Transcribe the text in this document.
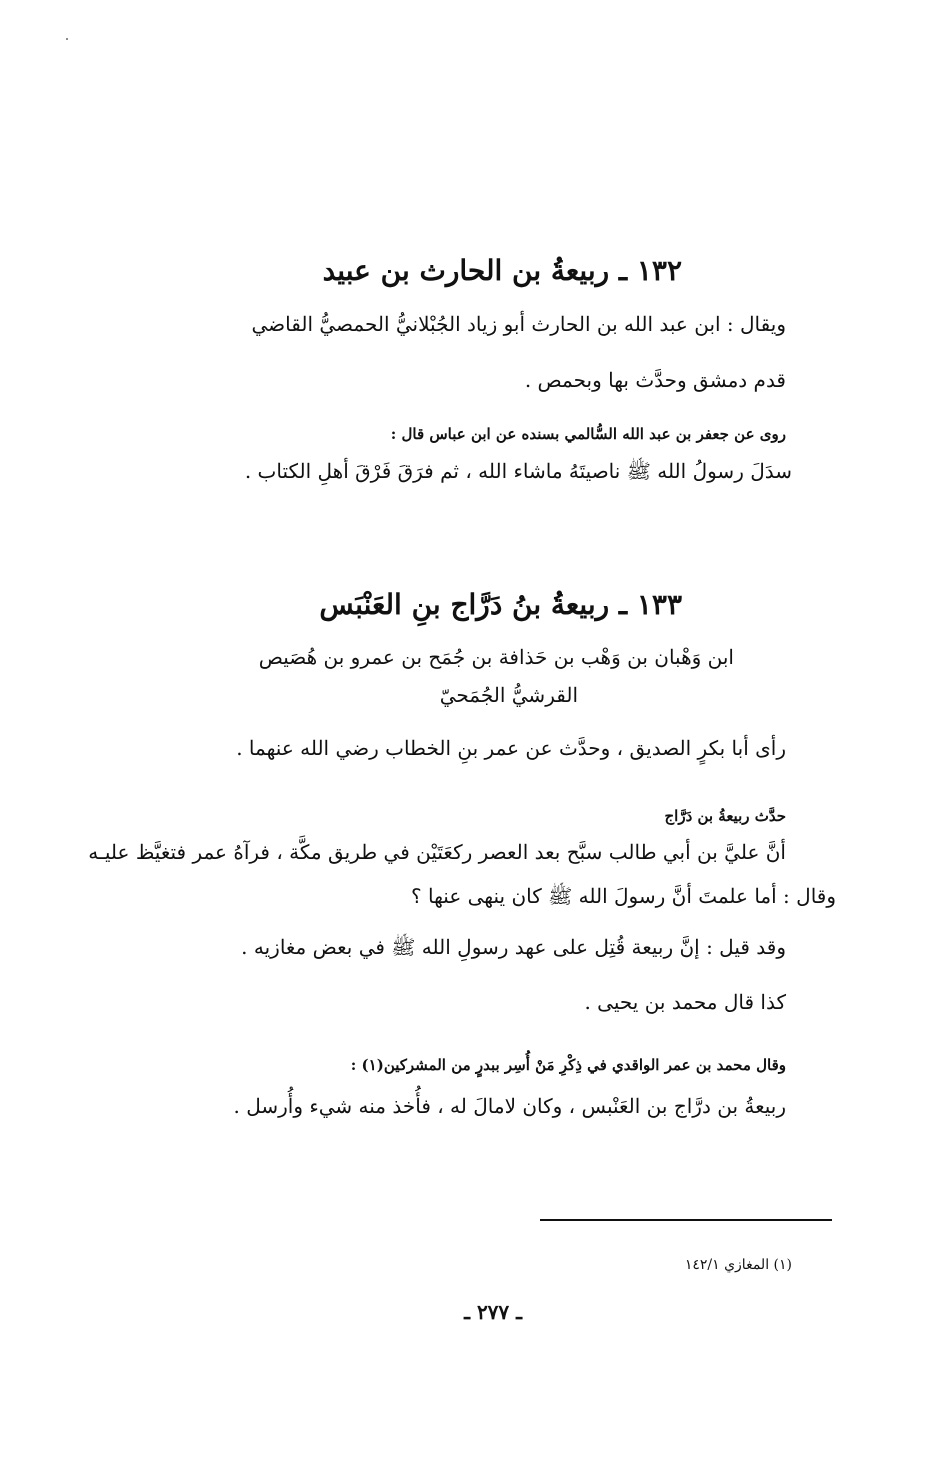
١٣٢ ـ ربيعةُ بن الحارث بن عبيد
ويقال : ابن عبد الله بن الحارث أبو زياد الجُبْلانيُّ الحمصيُّ القاضي
قدم دمشق وحدَّث بها وبحمص .
روى عن جعفر بن عبد الله السُّالمي بسنده عن ابن عباس قال :
سدَلَ رسولُ الله ﷺ ناصيتَهُ ماشاء الله ، ثم فرَقَ فَرْقَ أهلِ الكتاب .
١٣٣ ـ ربيعةُ بنُ دَرَّاج بنِ العَنْبَس
ابن وَهْبان بن وَهْب بن حَذافة بن جُمَح بن عمرو بن هُصَيص
القرشيُّ الجُمَحيّ
رأى أبا بكرٍ الصديق ، وحدَّث عن عمر بنِ الخطاب رضي الله عنهما .
حدَّث ربيعةُ بن دَرَّاج
أنَّ عليَّ بن أبي طالب سبَّح بعد العصر ركعَتَيْن في طريق مكَّة ، فرآهُ عمر فتغيَّظ عليـه
وقال : أما علمتَ أنَّ رسولَ الله ﷺ كان ينهى عنها ؟
وقد قيل : إنَّ ربيعة قُتِل على عهد رسولِ الله ﷺ في بعض مغازيه .
كذا قال محمد بن يحيى .
وقال محمد بن عمر الواقدي في ذِكْرِ مَنْ أُسِر ببدرٍ من المشركين(١) :
ربيعةُ بن درَّاج بن العَنْبس ، وكان لامالَ له ، فأُخذ منه شيء وأُرسل .
(١) المغازي ١٤٢/١
ـ ٢٧٧ ـ
